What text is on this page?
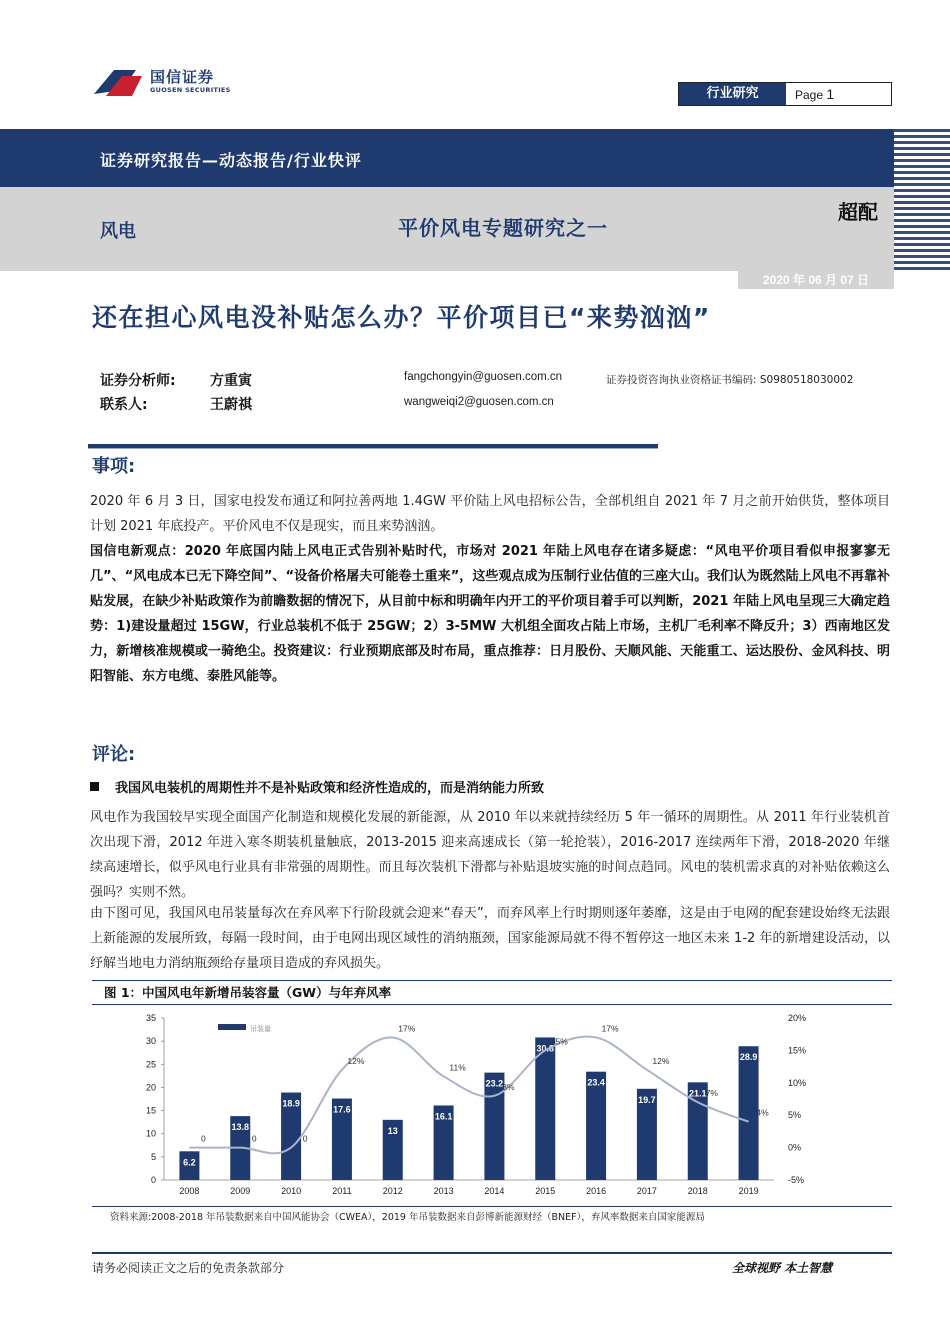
国信证券
GUOSEN SECURITIES	行业研究	Page 1
证券研究报告—动态报告/行业快评
风电	平价风电专题研究之一
超配
2020 年 06 月 07 日
还在担心风电没补贴怎么办？平价项目已“来势汹汹”
证券分析师: 方重寅	fangchongyin@guosen.com.cn	证券投资咨询执业资格证书编码: S0980518030002
联系人:	王蔚祺	wangweiqi2@guosen.com.cn
事项:
2020 年 6 月 3 日，国家电投发布通辽和阿拉善两地 1.4GW 平价陆上风电招标公告，全部机组自 2021 年 7 月之前开始供货，整体项目计划 2021 年底投产。平价风电不仅是现实，而且来势汹汹。
国信电新观点：2020 年底国内陆上风电正式告别补贴时代，市场对 2021 年陆上风电存在诸多疑虑：“风电平价项目看似申报寥寥无几”、“风电成本已无下降空间”、“设备价格屠夫可能卷土重来”，这些观点成为压制行业估值的三座大山。我们认为既然陆上风电不再靠补贴发展，在缺少补贴政策作为前瞻数据的情况下，从目前中标和明确年内开工的平价项目着手可以判断，2021 年陆上风电呈现三大确定趋势：1)建设量超过 15GW，行业总装机不低于 25GW；2）3-5MW 大机组全面攻占陆上市场，主机厂毛利率不降反升；3）西南地区发力，新增核准规模或一骑绝尘。投资建议：行业预期底部及时布局，重点推荐：日月股份、天顺风能、天能重工、运达股份、金风科技、明阳智能、东方电缆、泰胜风能等。
评论:
我国风电装机的周期性并不是补贴政策和经济性造成的，而是消纳能力所致
风电作为我国较早实现全面国产化制造和规模化发展的新能源，从 2010 年以来就持续经历 5 年一循环的周期性。从 2011 年行业装机首次出现下滑，2012 年进入寒冬期装机量触底，2013-2015 迎来高速成长（第一轮抢装），2016-2017 连续两年下滑，2018-2020 年继续高速增长，似乎风电行业具有非常强的周期性。而且每次装机下滑都与补贴退坡实施的时间点趋同。风电的装机需求真的对补贴依赖这么强吗？实则不然。
由下图可见，我国风电吊装量每次在弃风率下行阶段就会迎来“春天”，而弃风率上行时期则逐年萎靡，这是由于电网的配套建设始终无法跟上新能源的发展所致，每隔一段时间，由于电网出现区域性的消纳瓶颈，国家能源局就不得不暂停这一地区未来 1-2 年的新增建设活动，以纾解当地电力消纳瓶颈给存量项目造成的弃风损失。
图 1：中国风电年新增吊装容量（GW）与年弃风率
0
5
10
15
20
25
30
35
-5%
0%
5%
10%
15%
20%
6.2
13.8
18.9
17.6
13
16.1
23.2
30.8
23.4
19.7
21.1
28.9
0	0	0
12%
17%
11%
8%
15%
17%
12%
7%
4%
2008	2009	2010	2011	2012	2013	2014	2015	2016	2017	2018	2019
吊装量
资料来源:2008-2018 年吊装数据来自中国风能协会（CWEA），2019 年吊装数据来自彭博新能源财经（BNEF），弃风率数据来自国家能源局
请务必阅读正文之后的免责条款部分	全球视野 本土智慧
